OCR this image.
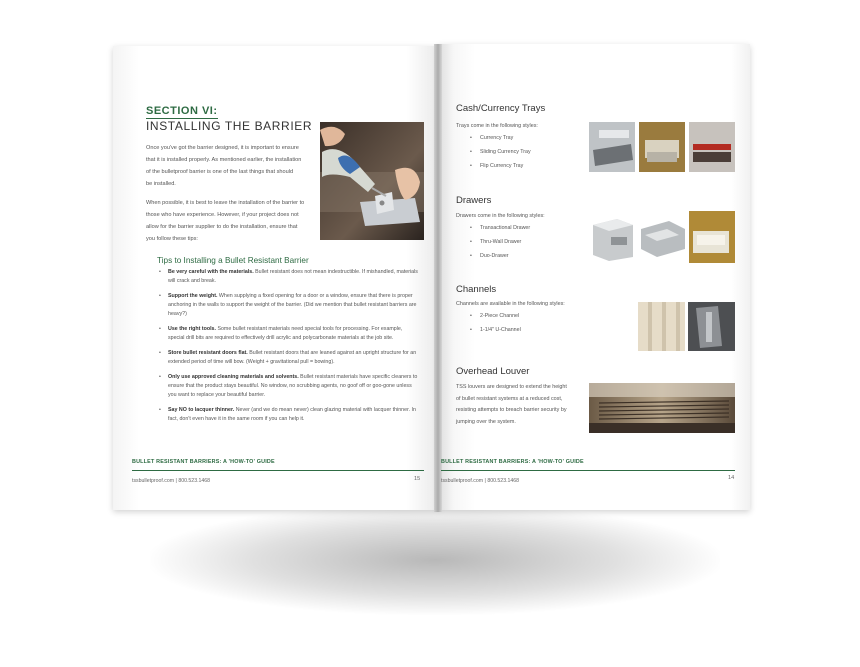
SECTION VI:
INSTALLING THE BARRIER
Once you've got the barrier designed, it is important to ensure
that it is installed properly. As mentioned earlier, the installation
of the bulletproof barrier is one of the last things that should
be installed.
When possible, it is best to leave the installation of the barrier to
those who have experience. However, if your project does not
allow for the barrier supplier to do the installation, ensure that
you follow these tips:
Tips to Installing a Bullet Resistant Barrier
• Be very careful with the materials. Bullet resistant does not mean indestructible. If mishandled, materials will crack and break.
• Support the weight. When supplying a fixed opening for a door or a window, ensure that there is proper anchoring in the walls to support the weight of the barrier. (Did we mention that bullet resistant barriers are heavy?)
• Use the right tools. Some bullet resistant materials need special tools for processing. For example, special drill bits are required to effectively drill acrylic and polycarbonate materials at the job site.
• Store bullet resistant doors flat. Bullet resistant doors that are leaned against an upright structure for an extended period of time will bow. (Weight + gravitational pull = bowing).
• Only use approved cleaning materials and solvents. Bullet resistant materials have specific cleaners to ensure that the product stays beautiful. No window, no scrubbing agents, no goof off or goo-gone unless you want to replace your beautiful barrier.
• Say NO to lacquer thinner. Never (and we do mean never) clean glazing material with lacquer thinner. In fact, don't even have it in the same room if you can help it.
BULLET RESISTANT BARRIERS: A 'HOW-TO' GUIDE
tssbulletproof.com | 800.523.1468	15
Cash/Currency Trays
Trays come in the following styles:
• Currency Tray
• Sliding Currency Tray
• Flip Currency Tray
Drawers
Drawers come in the following styles:
• Transactional Drawer
• Thru-Wall Drawer
• Duo-Drawer
Channels
Channels are available in the following styles:
• 2-Piece Channel
• 1-1/4" U-Channel
Overhead Louver
TSS louvers are designed to extend the height
of bullet resistant systems at a reduced cost,
resisting attempts to breach barrier security by
jumping over the system.
BULLET RESISTANT BARRIERS: A 'HOW-TO' GUIDE
tssbulletproof.com | 800.523.1468	14
